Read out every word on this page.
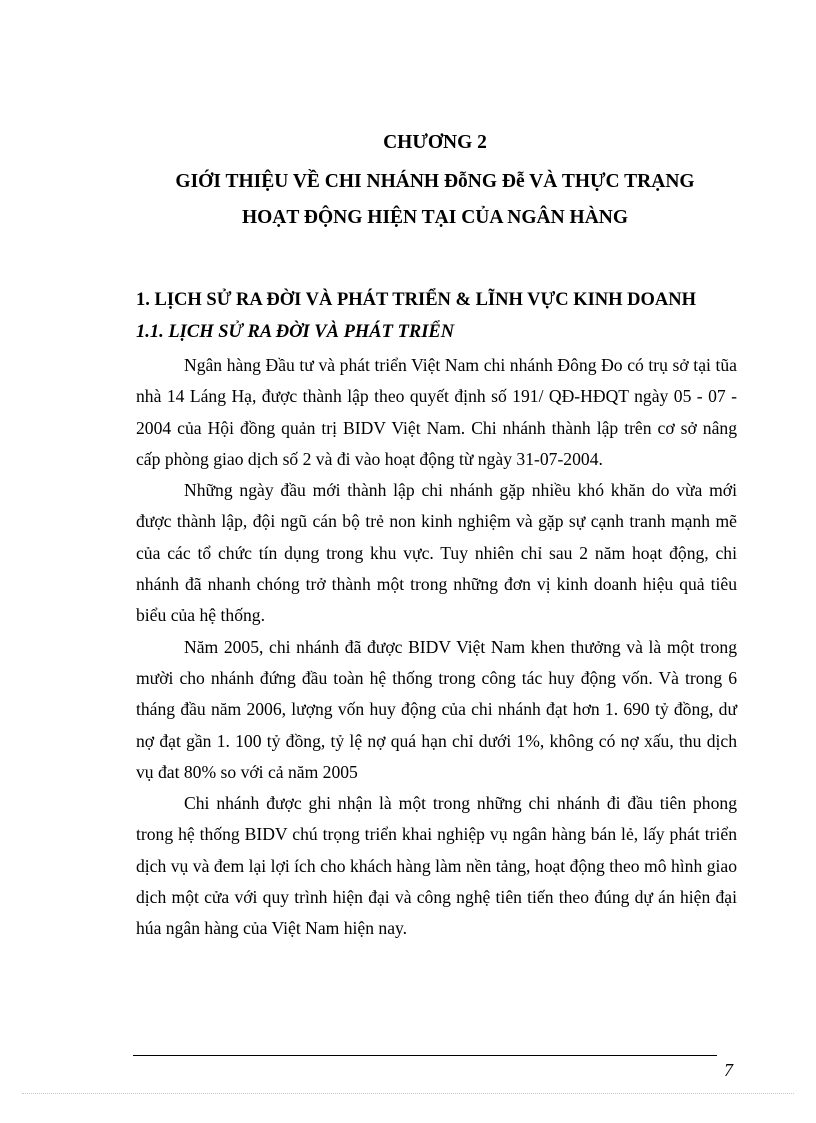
CHƯƠNG 2
GIỚI THIỆU VỀ CHI NHÁNH ĐỗNG Đễ VÀ THỰC TRẠNG
HOẠT ĐỘNG HIỆN TẠI CỦA NGÂN HÀNG
1. LỊCH SỬ RA ĐỜI VÀ PHÁT TRIỂN & LĨNH VỰC KINH DOANH
1.1. LỊCH SỬ RA ĐỜI VÀ PHÁT TRIỂN

Ngân hàng Đầu tư và phát triển Việt Nam chi nhánh Đông Đo có trụ sở tại tũa nhà 14 Láng Hạ, được thành lập theo quyết định số 191/ QĐ-HĐQT ngày 05 - 07 - 2004 của Hội đồng quản trị BIDV Việt Nam. Chi nhánh thành lập trên cơ sở nâng cấp phòng giao dịch số 2 và đi vào hoạt động từ ngày 31-07-2004.

Những ngày đầu mới thành lập chi nhánh gặp nhiều khó khăn do vừa mới được thành lập, đội ngũ cán bộ trẻ non kinh nghiệm và gặp sự cạnh tranh mạnh mẽ của các tổ chức tín dụng trong khu vực. Tuy nhiên chỉ sau 2 năm hoạt động, chi nhánh đã nhanh chóng trở thành một trong những đơn vị kinh doanh hiệu quả tiêu biểu của hệ thống.

Năm 2005, chi nhánh đã được BIDV Việt Nam khen thưởng và là một trong mười cho nhánh đứng đầu toàn hệ thống trong công tác huy động vốn. Và trong 6 tháng đầu năm 2006, lượng vốn huy động của chi nhánh đạt hơn 1. 690 tỷ đồng, dư nợ đạt gần 1. 100 tỷ đồng, tỷ lệ nợ quá hạn chỉ dưới 1%, không có nợ xấu, thu dịch vụ đat 80% so với cả năm 2005

Chi nhánh được ghi nhận là một trong những chi nhánh đi đầu tiên phong trong hệ thống BIDV chú trọng triển khai nghiệp vụ ngân hàng bán lẻ, lấy phát triển dịch vụ và đem lại lợi ích cho khách hàng làm nền tảng, hoạt động theo mô hình giao dịch một cửa với quy trình hiện đại và công nghệ tiên tiến theo đúng dự án hiện đại húa ngân hàng của Việt Nam hiện nay.

7
